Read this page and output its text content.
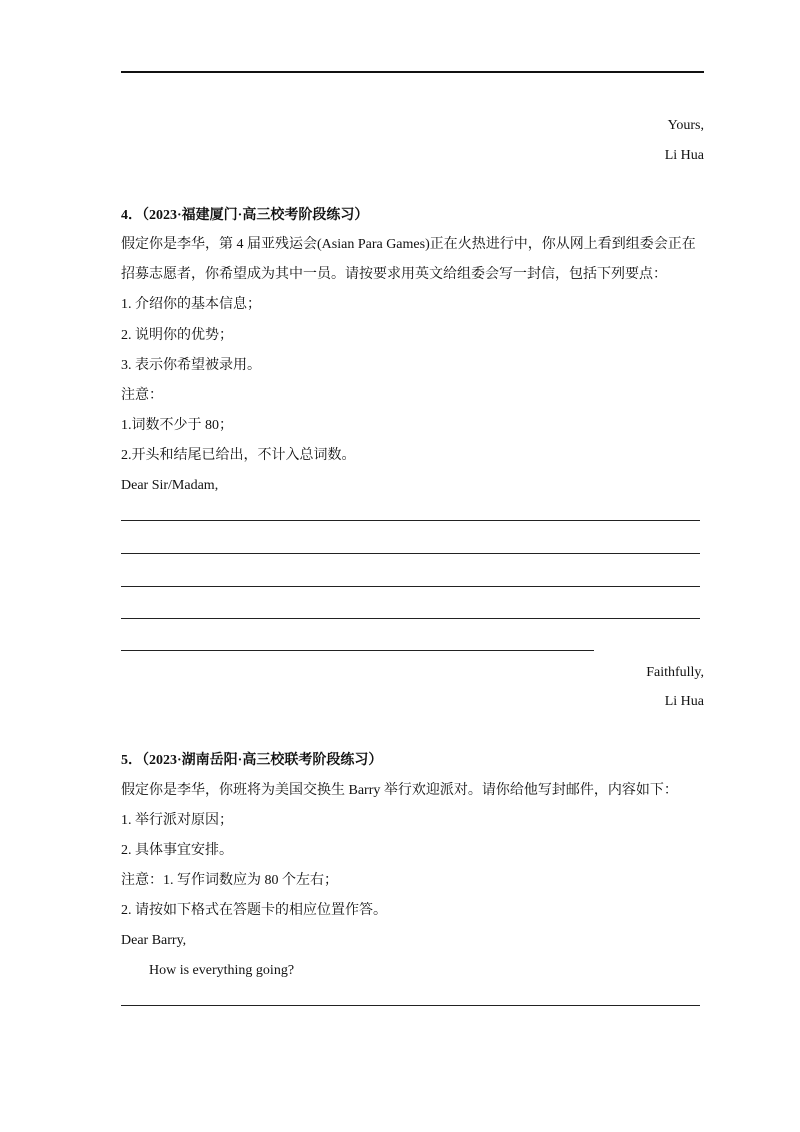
Yours,
Li Hua
4．（2023·福建厦门·高三校考阶段练习）
假定你是李华，第 4 届亚残运会(Asian Para Games)正在火热进行中，你从网上看到组委会正在
招募志愿者，你希望成为其中一员。请按要求用英文给组委会写一封信，包括下列要点：
1. 介绍你的基本信息；
2. 说明你的优势；
3. 表示你希望被录用。
注意：
1.词数不少于 80；
2.开头和结尾已给出，不计入总词数。
Dear Sir/Madam,
Faithfully,
Li Hua
5．（2023·湖南岳阳·高三校联考阶段练习）
假定你是李华，你班将为美国交换生 Barry 举行欢迎派对。请你给他写封邮件，内容如下：
1. 举行派对原因；
2. 具体事宜安排。
注意：1. 写作词数应为 80 个左右；
2. 请按如下格式在答题卡的相应位置作答。
Dear Barry,
How is everything going?
